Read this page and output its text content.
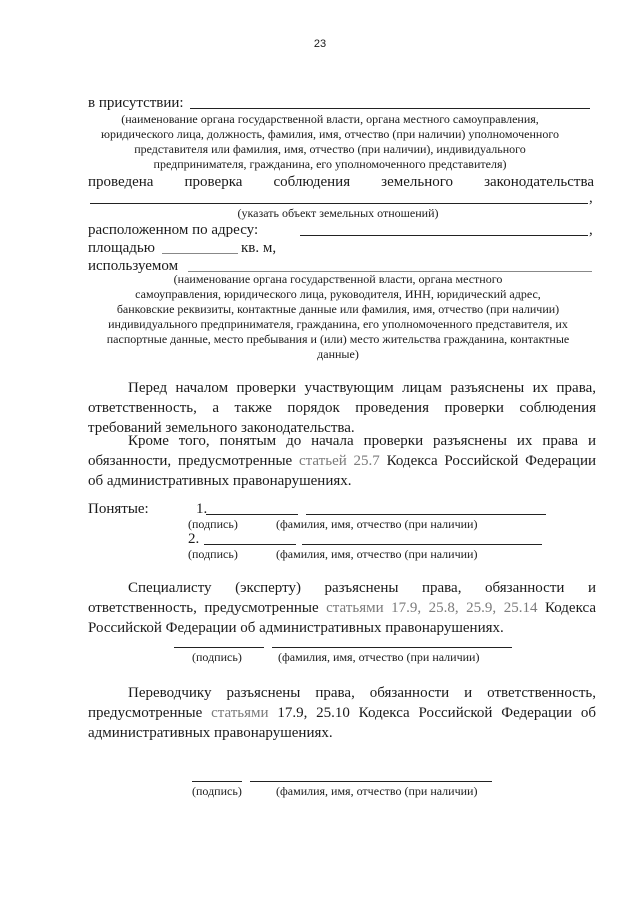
23
в присутствии:
(наименование органа государственной власти, органа местного самоуправления,
юридического лица, должность, фамилия, имя, отчество (при наличии) уполномоченного
представителя или фамилия, имя, отчество (при наличии), индивидуального
предпринимателя, гражданина, его уполномоченного представителя)
проведена проверка соблюдения земельного законодательства
,
(указать объект земельных отношений)
расположенном по адресу:	,
площадью	кв. м,
используемом
(наименование органа государственной власти, органа местного
самоуправления, юридического лица, руководителя, ИНН, юридический адрес,
банковские реквизиты, контактные данные или фамилия, имя, отчество (при наличии)
индивидуального предпринимателя, гражданина, его уполномоченного представителя, их
паспортные данные, место пребывания и (или) место жительства гражданина, контактные
данные)
Перед началом проверки участвующим лицам разъяснены их права, ответственность, а также порядок проведения проверки соблюдения требований земельного законодательства.
Кроме того, понятым до начала проверки разъяснены их права и обязанности, предусмотренные статьей 25.7 Кодекса Российской Федерации об административных правонарушениях.
Понятые:	1.
(подпись)	(фамилия, имя, отчество (при наличии)
2.
(подпись)	(фамилия, имя, отчество (при наличии)
Специалисту (эксперту) разъяснены права, обязанности и ответственность, предусмотренные статьями 17.9, 25.8, 25.9, 25.14 Кодекса Российской Федерации об административных правонарушениях.
(подпись)	(фамилия, имя, отчество (при наличии)
Переводчику разъяснены права, обязанности и ответственность, предусмотренные статьями 17.9, 25.10 Кодекса Российской Федерации об административных правонарушениях.
(подпись)	(фамилия, имя, отчество (при наличии)
